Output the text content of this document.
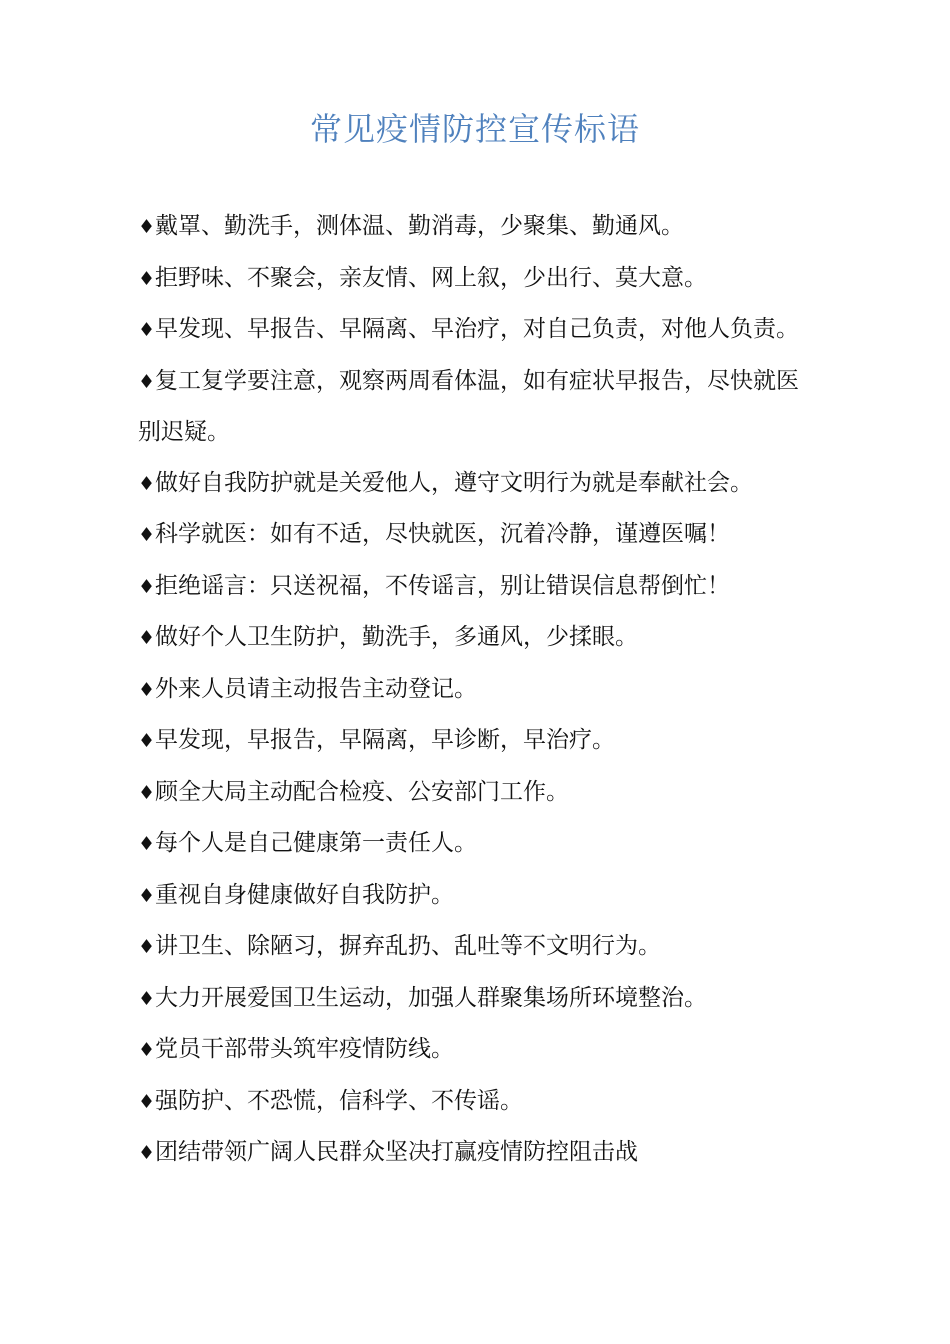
常见疫情防控宣传标语
♦戴罩、勤洗手，测体温、勤消毒，少聚集、勤通风。
♦拒野味、不聚会，亲友情、网上叙，少出行、莫大意。
♦早发现、早报告、早隔离、早治疗，对自己负责，对他人负责。
♦复工复学要注意，观察两周看体温，如有症状早报告，尽快就医别迟疑。
♦做好自我防护就是关爱他人，遵守文明行为就是奉献社会。
♦科学就医：如有不适，尽快就医，沉着冷静，谨遵医嘱！
♦拒绝谣言：只送祝福，不传谣言，别让错误信息帮倒忙！
♦做好个人卫生防护，勤洗手，多通风，少揉眼。
♦外来人员请主动报告主动登记。
♦早发现，早报告，早隔离，早诊断，早治疗。
♦顾全大局主动配合检疫、公安部门工作。
♦每个人是自己健康第一责任人。
♦重视自身健康做好自我防护。
♦讲卫生、除陋习，摒弃乱扔、乱吐等不文明行为。
♦大力开展爱国卫生运动，加强人群聚集场所环境整治。
♦党员干部带头筑牢疫情防线。
♦强防护、不恐慌，信科学、不传谣。
♦团结带领广阔人民群众坚决打赢疫情防控阻击战
